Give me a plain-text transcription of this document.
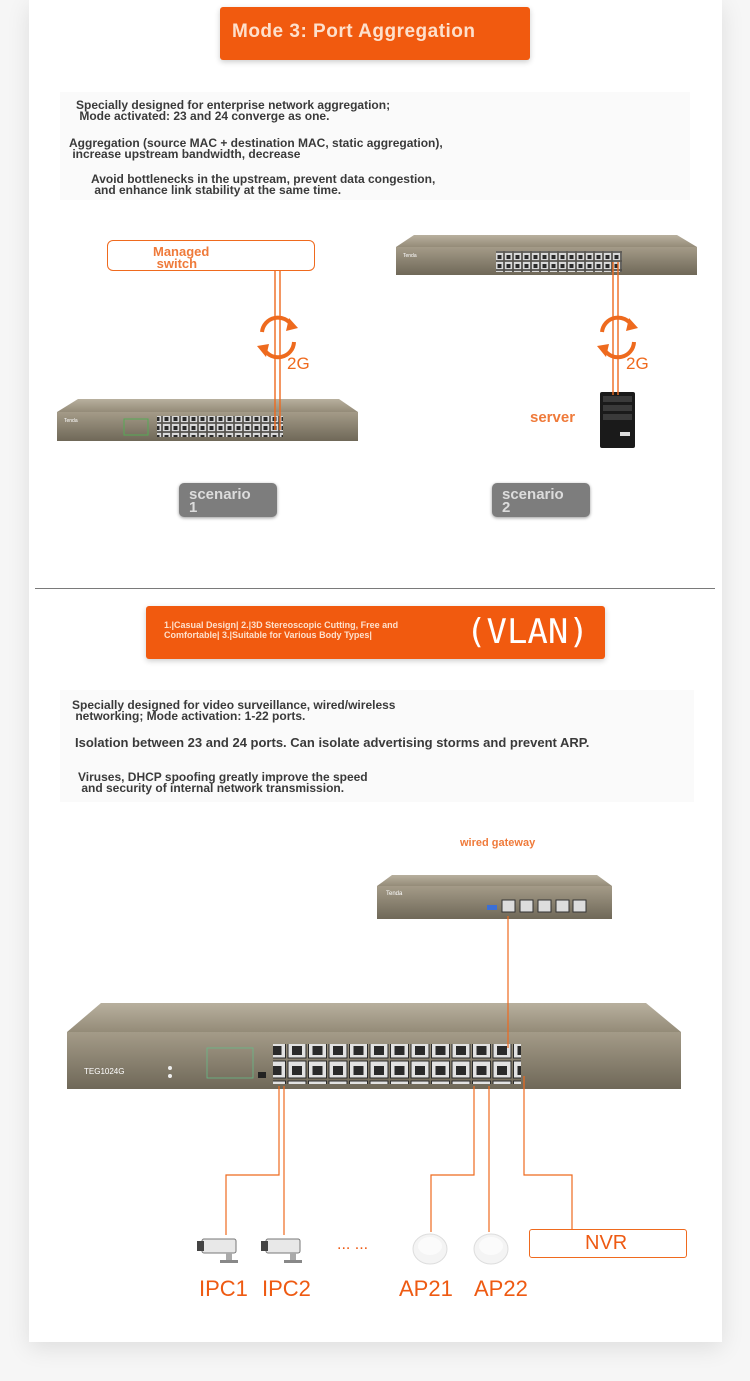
Mode 3: Port Aggregation
Specially designed for enterprise network aggregation;
Mode activated: 23 and 24 converge as one.
Aggregation (source MAC + destination MAC, static aggregation),
increase upstream bandwidth, decrease
Avoid bottlenecks in the upstream, prevent data congestion,
and enhance link stability at the same time.
Tenda
Tenda
Tenda
Managed
switch
2G	2G
server
scenario
1
scenario
2
1.|Casual Design| 2.|3D Stereoscopic Cutting, Free and Comfortable| 3.|Suitable for Various Body Types|	(VLAN)
Specially designed for video surveillance, wired/wireless
networking; Mode activation: 1-22 ports.
Isolation between 23 and 24 ports. Can isolate advertising storms and prevent ARP.
Viruses, DHCP spoofing greatly improve the speed
and security of internal network transmission.
wired gateway
TEG1024G
... ...
IPC1 IPC2	AP21 AP22
NVR
